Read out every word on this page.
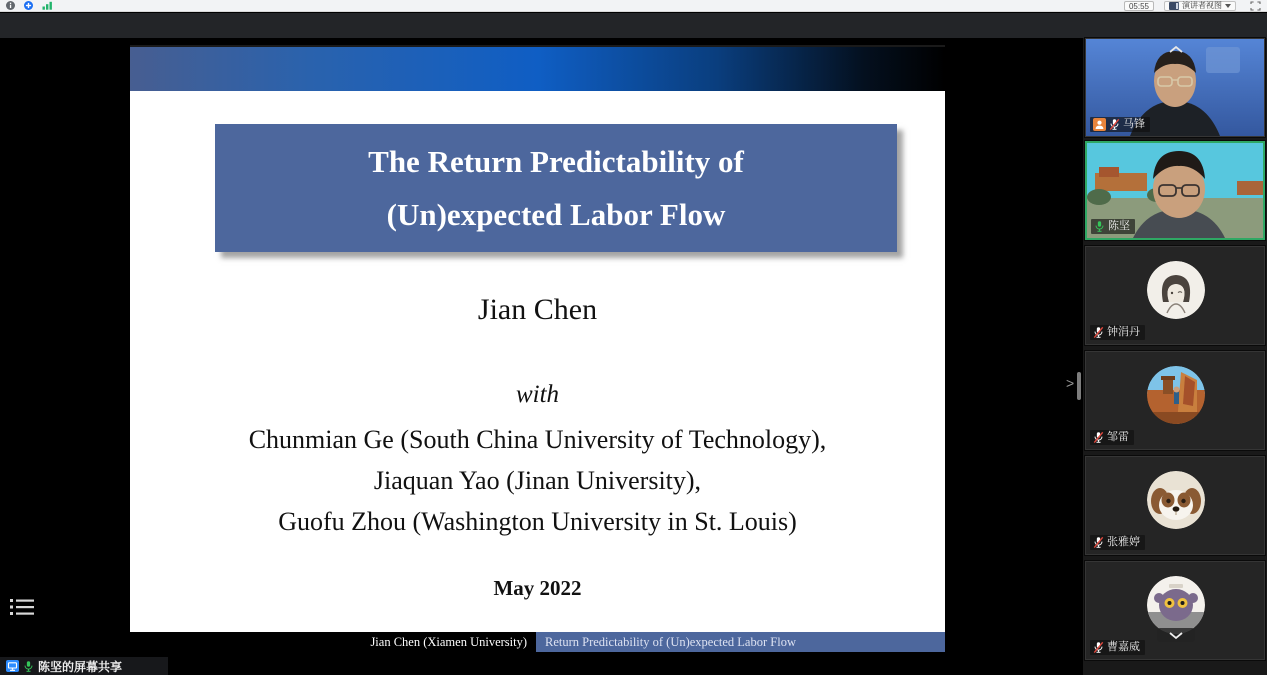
05:55	演讲者视图
The Return Predictability of
(Un)expected Labor Flow
Jian Chen
with
Chunmian Ge (South China University of Technology),
Jiaquan Yao (Jinan University),
Guofu Zhou (Washington University in St. Louis)
May 2022
Jian Chen (Xiamen University)	Return Predictability of (Un)expected Labor Flow
陈坚的屏幕共享
>
马锋
陈坚
钟涓丹
邹雷
张雅婷
曹嘉威
